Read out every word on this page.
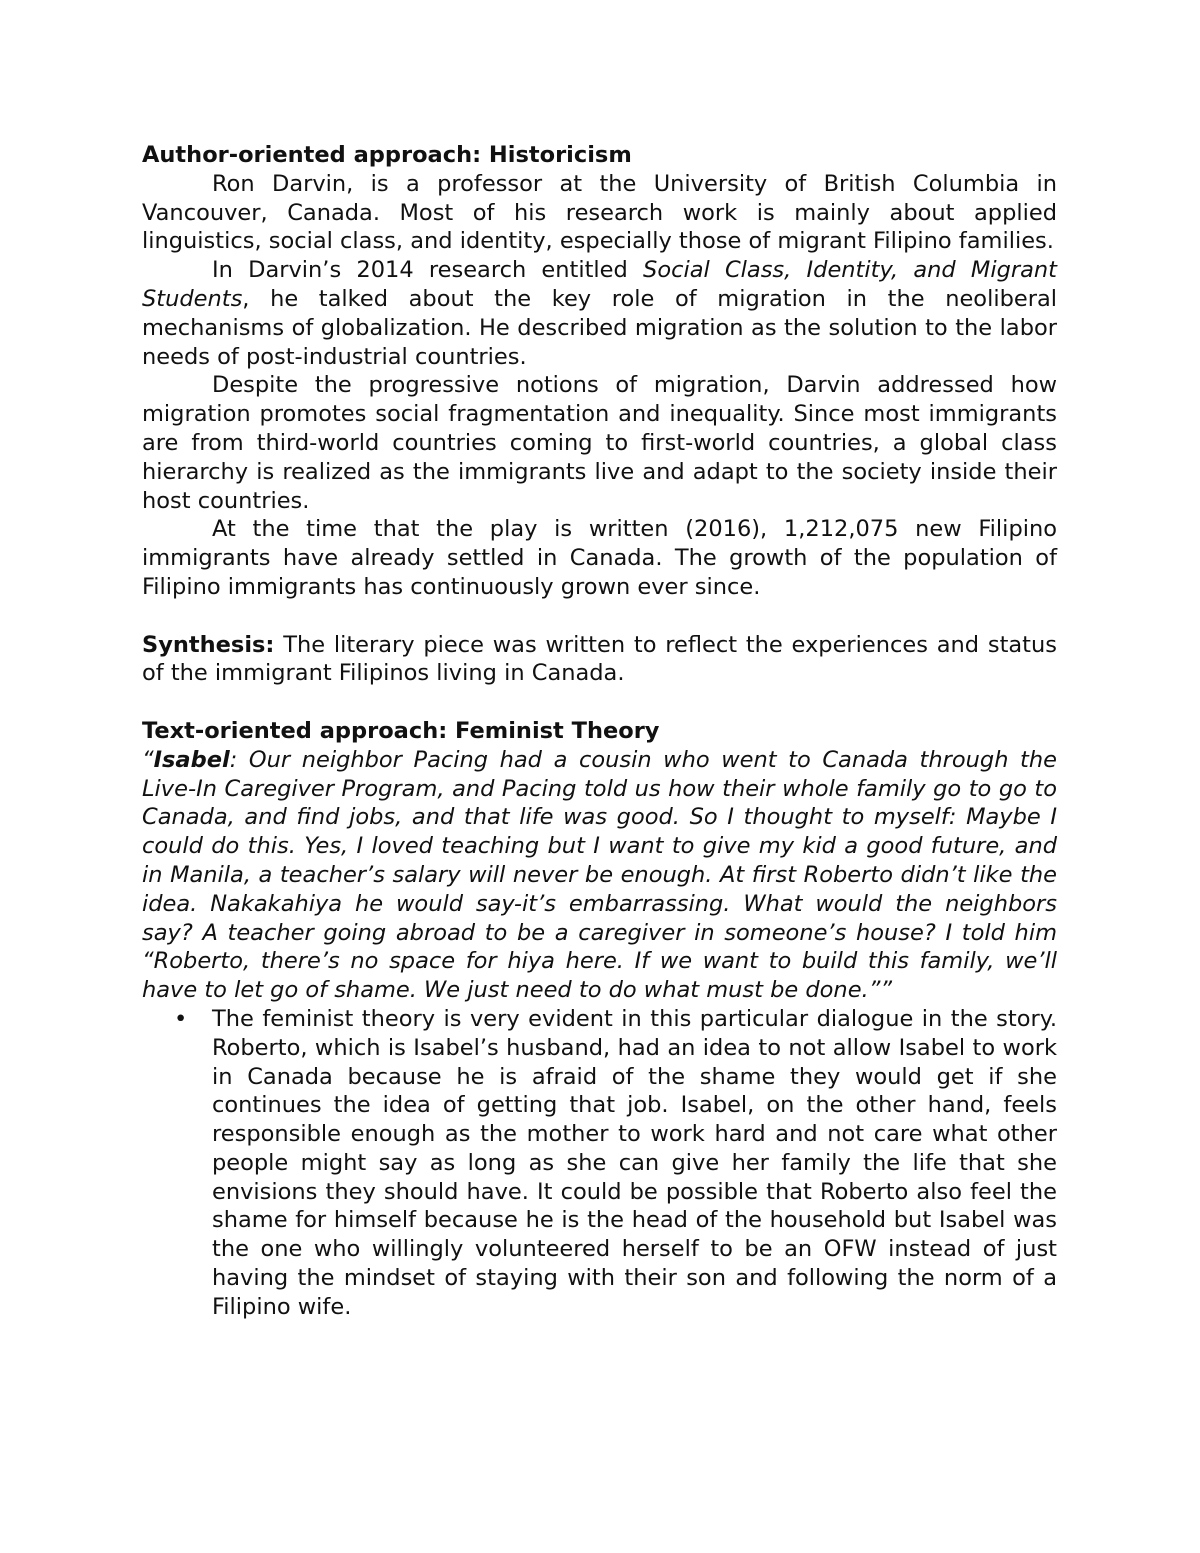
Author-oriented approach: Historicism

Ron Darvin, is a professor at the University of British Columbia in Vancouver, Canada. Most of his research work is mainly about applied linguistics, social class, and identity, especially those of migrant Filipino families.

In Darvin’s 2014 research entitled Social Class, Identity, and Migrant Students, he talked about the key role of migration in the neoliberal mechanisms of globalization. He described migration as the solution to the labor needs of post-industrial countries.

Despite the progressive notions of migration, Darvin addressed how migration promotes social fragmentation and inequality. Since most immigrants are from third-world countries coming to first-world countries, a global class hierarchy is realized as the immigrants live and adapt to the society inside their host countries.

At the time that the play is written (2016), 1,212,075 new Filipino immigrants have already settled in Canada. The growth of the population of Filipino immigrants has continuously grown ever since.

Synthesis: The literary piece was written to reflect the experiences and status of the immigrant Filipinos living in Canada.

Text-oriented approach: Feminist Theory

“Isabel: Our neighbor Pacing had a cousin who went to Canada through the Live-In Caregiver Program, and Pacing told us how their whole family go to go to Canada, and find jobs, and that life was good. So I thought to myself: Maybe I could do this. Yes, I loved teaching but I want to give my kid a good future, and in Manila, a teacher’s salary will never be enough. At first Roberto didn’t like the idea. Nakakahiya he would say-it’s embarrassing. What would the neighbors say? A teacher going abroad to be a caregiver in someone’s house? I told him “Roberto, there’s no space for hiya here. If we want to build this family, we’ll have to let go of shame. We just need to do what must be done.””

• The feminist theory is very evident in this particular dialogue in the story. Roberto, which is Isabel’s husband, had an idea to not allow Isabel to work in Canada because he is afraid of the shame they would get if she continues the idea of getting that job. Isabel, on the other hand, feels responsible enough as the mother to work hard and not care what other people might say as long as she can give her family the life that she envisions they should have. It could be possible that Roberto also feel the shame for himself because he is the head of the household but Isabel was the one who willingly volunteered herself to be an OFW instead of just having the mindset of staying with their son and following the norm of a Filipino wife.
